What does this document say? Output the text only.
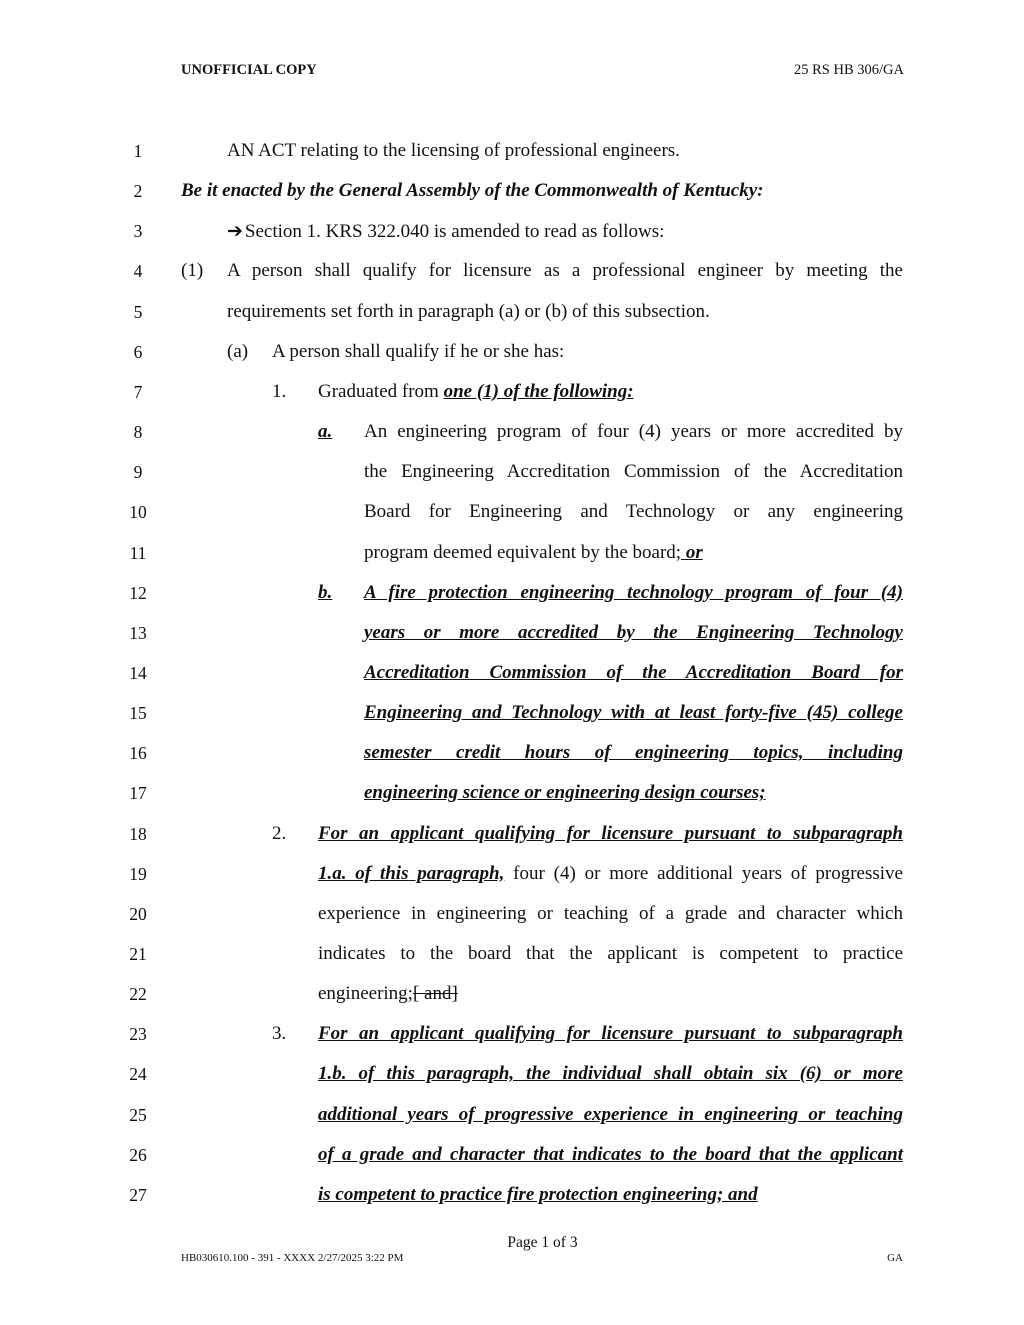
UNOFFICIAL COPY	25 RS HB 306/GA
1	AN ACT relating to the licensing of professional engineers.
2	Be it enacted by the General Assembly of the Commonwealth of Kentucky:
3	➔ Section 1. KRS 322.040 is amended to read as follows:
4	A person shall qualify for licensure as a professional engineer by meeting the
5	requirements set forth in paragraph (a) or (b) of this subsection.
6	A person shall qualify if he or she has:
7	Graduated from one (1) of the following:
8	An engineering program of four (4) years or more accredited by
9	the Engineering Accreditation Commission of the Accreditation
10	Board for Engineering and Technology or any engineering
11	program deemed equivalent by the board; or
12	A fire protection engineering technology program of four (4)
13	years or more accredited by the Engineering Technology
14	Accreditation Commission of the Accreditation Board for
15	Engineering and Technology with at least forty-five (45) college
16	semester credit hours of engineering topics, including
17	engineering science or engineering design courses;
18	For an applicant qualifying for licensure pursuant to subparagraph
19	1.a. of this paragraph, four (4) or more additional years of progressive
20	experience in engineering or teaching of a grade and character which
21	indicates to the board that the applicant is competent to practice
22	engineering;[ and]
23	For an applicant qualifying for licensure pursuant to subparagraph
24	1.b. of this paragraph, the individual shall obtain six (6) or more
25	additional years of progressive experience in engineering or teaching
26	of a grade and character that indicates to the board that the applicant
27	is competent to practice fire protection engineering; and
(1)
(a)
1.
a.
b.
2.
3.
Page 1 of 3
HB030610.100 - 391 - XXXX 2/27/2025 3:22 PM	GA
